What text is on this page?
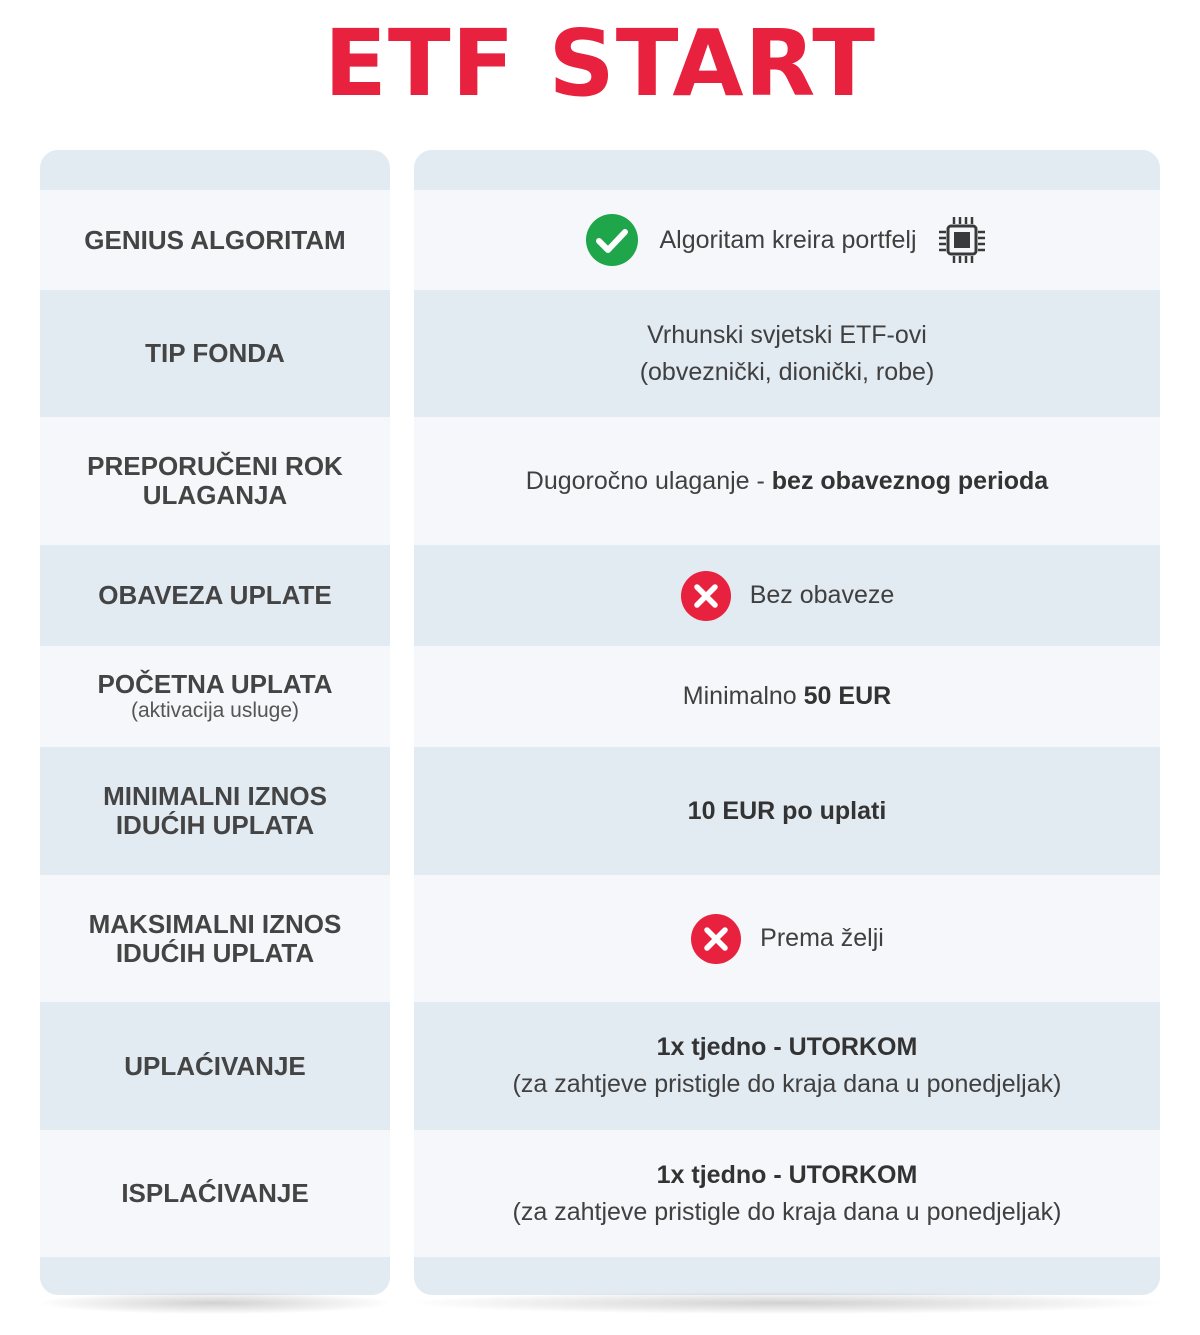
ETF START
GENIUS ALGORITAM
TIP FONDA
PREPORUČENI ROK
ULAGANJA
OBAVEZA UPLATE
POČETNA UPLATA
(aktivacija usluge)
MINIMALNI IZNOS
IDUĆIH UPLATA
MAKSIMALNI IZNOS
IDUĆIH UPLATA
UPLAĆIVANJE
ISPLAĆIVANJE
Algoritam kreira portfelj
Vrhunski svjetski ETF-ovi
(obveznički, dionički, robe)
Dugoročno ulaganje - bez obaveznog perioda
Bez obaveze
Minimalno 50 EUR
10 EUR po uplati
Prema želji
1x tjedno - UTORKOM
(za zahtjeve pristigle do kraja dana u ponedjeljak)
1x tjedno - UTORKOM
(za zahtjeve pristigle do kraja dana u ponedjeljak)
